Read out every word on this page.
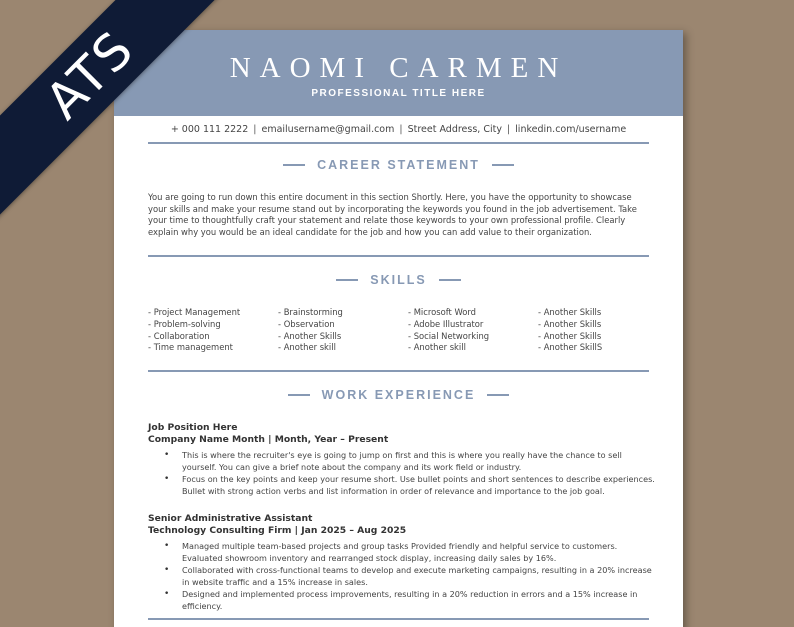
NAOMI CARMEN
PROFESSIONAL TITLE HERE
+ 000 111 2222 | emailusername@gmail.com | Street Address, City | linkedin.com/username
CAREER STATEMENT
You are going to run down this entire document in this section Shortly. Here, you have the opportunity to showcase your skills and make your resume stand out by incorporating the keywords you found in the job advertisement. Take your time to thoughtfully craft your statement and relate those keywords to your own professional profile. Clearly explain why you would be an ideal candidate for the job and how you can add value to their organization.
SKILLS
- Project Management
- Problem-solving
- Collaboration
- Time management
- Brainstorming
- Observation
- Another Skills
- Another skill
- Microsoft Word
- Adobe Illustrator
- Social Networking
- Another skill
- Another Skills
- Another Skills
- Another Skills
- Another SkillS
WORK EXPERIENCE
Job Position Here
Company Name Month | Month, Year – Present
• This is where the recruiter's eye is going to jump on first and this is where you really have the chance to sell yourself. You can give a brief note about the company and its work field or industry.
• Focus on the key points and keep your resume short. Use bullet points and short sentences to describe experiences. Bullet with strong action verbs and list information in order of relevance and importance to the job goal.
Senior Administrative Assistant
Technology Consulting Firm | Jan 2025 – Aug 2025
• Managed multiple team-based projects and group tasks Provided friendly and helpful service to customers. Evaluated showroom inventory and rearranged stock display, increasing daily sales by 16%.
• Collaborated with cross-functional teams to develop and execute marketing campaigns, resulting in a 20% increase in website traffic and a 15% increase in sales.
• Designed and implemented process improvements, resulting in a 20% reduction in errors and a 15% increase in efficiency.
ATS
